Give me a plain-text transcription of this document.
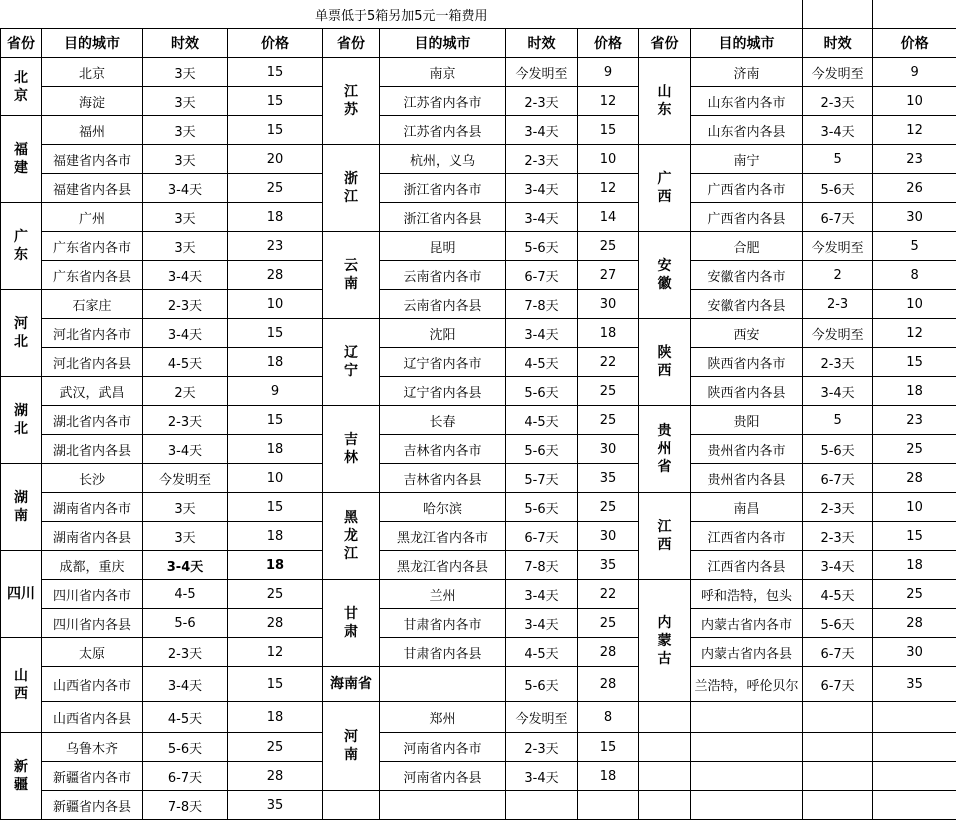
单票低于5箱另加5元一箱费用											
省份	目的城市	时效	价格	省份	目的城市	时效	价格	省份	目的城市	时效	价格
北京	北京	3天	15	江苏	南京	今发明至	9	山东	济南	今发明至	9
	海淀	3天	15		江苏省内各市	2-3天	12		山东省内各市	2-3天	10
福建	福州	3天	15		江苏省内各县	3-4天	15		山东省内各县	3-4天	12
	福建省内各市	3天	20	浙江	杭州，义乌	2-3天	10	广西	南宁	5	23
	福建省内各县	3-4天	25		浙江省内各市	3-4天	12		广西省内各市	5-6天	26
广东	广州	3天	18		浙江省内各县	3-4天	14		广西省内各县	6-7天	30
	广东省内各市	3天	23	云南	昆明	5-6天	25	安徽	合肥	今发明至	5
	广东省内各县	3-4天	28		云南省内各市	6-7天	27		安徽省内各市	2	8
河北	石家庄	2-3天	10		云南省内各县	7-8天	30		安徽省内各县	2-3	10
	河北省内各市	3-4天	15	辽宁	沈阳	3-4天	18	陕西	西安	今发明至	12
	河北省内各县	4-5天	18		辽宁省内各市	4-5天	22		陕西省内各市	2-3天	15
湖北	武汉，武昌	2天	9		辽宁省内各县	5-6天	25		陕西省内各县	3-4天	18
	湖北省内各市	2-3天	15	吉林	长春	4-5天	25	贵州省	贵阳	5	23
	湖北省内各县	3-4天	18		吉林省内各市	5-6天	30		贵州省内各市	5-6天	25
湖南	长沙	今发明至	10		吉林省内各县	5-7天	35		贵州省内各县	6-7天	28
	湖南省内各市	3天	15	黑龙江	哈尔滨	5-6天	25	江西	南昌	2-3天	10
	湖南省内各县	3天	18		黑龙江省内各市	6-7天	30		江西省内各市	2-3天	15
四川	成都，重庆	3-4天	18		黑龙江省内各县	7-8天	35		江西省内各县	3-4天	18
	四川省内各市	4-5	25	甘肃	兰州	3-4天	22	内蒙古	呼和浩特，包头	4-5天	25
	四川省内各县	5-6	28		甘肃省内各市	3-4天	25		内蒙古省内各市	5-6天	28
山西	太原	2-3天	12		甘肃省内各县	4-5天	28		内蒙古省内各县	6-7天	30
	山西省内各市	3-4天	15	海南省		5-6天	28		兰浩特，呼伦贝尔	6-7天	35
	山西省内各县	4-5天	18	河南	郑州	今发明至	8				
新疆	乌鲁木齐	5-6天	25		河南省内各市	2-3天	15				
	新疆省内各市	6-7天	28		河南省内各县	3-4天	18				
	新疆省内各县	7-8天	35								
